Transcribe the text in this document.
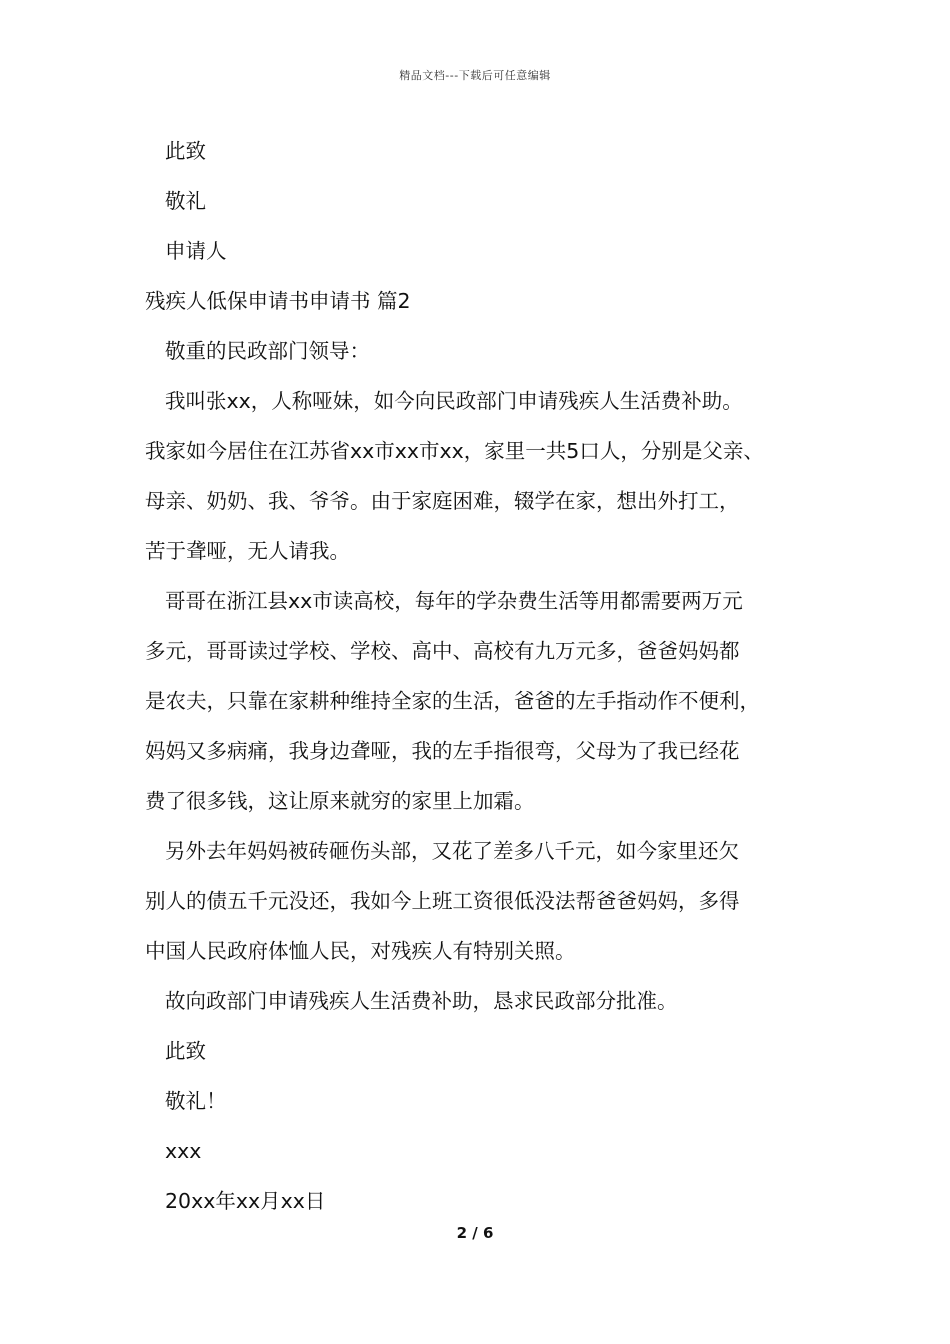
精品文档---下载后可任意编辑
此致
敬礼
申请人
残疾人低保申请书申请书 篇2
敬重的民政部门领导：
我叫张xx，人称哑妹，如今向民政部门申请残疾人生活费补助。
我家如今居住在江苏省xx市xx市xx，家里一共5口人，分别是父亲、
母亲、奶奶、我、爷爷。由于家庭困难，辍学在家，想出外打工，
苦于聋哑，无人请我。
哥哥在浙江县xx市读高校，每年的学杂费生活等用都需要两万元
多元，哥哥读过学校、学校、高中、高校有九万元多，爸爸妈妈都
是农夫，只靠在家耕种维持全家的生活，爸爸的左手指动作不便利，
妈妈又多病痛，我身边聋哑，我的左手指很弯，父母为了我已经花
费了很多钱，这让原来就穷的家里上加霜。
另外去年妈妈被砖砸伤头部，又花了差多八千元，如今家里还欠
别人的债五千元没还，我如今上班工资很低没法帮爸爸妈妈，多得
中国人民政府体恤人民，对残疾人有特别关照。
故向政部门申请残疾人生活费补助，恳求民政部分批准。
此致
敬礼！
xxx
20xx年xx月xx日
2 / 6
